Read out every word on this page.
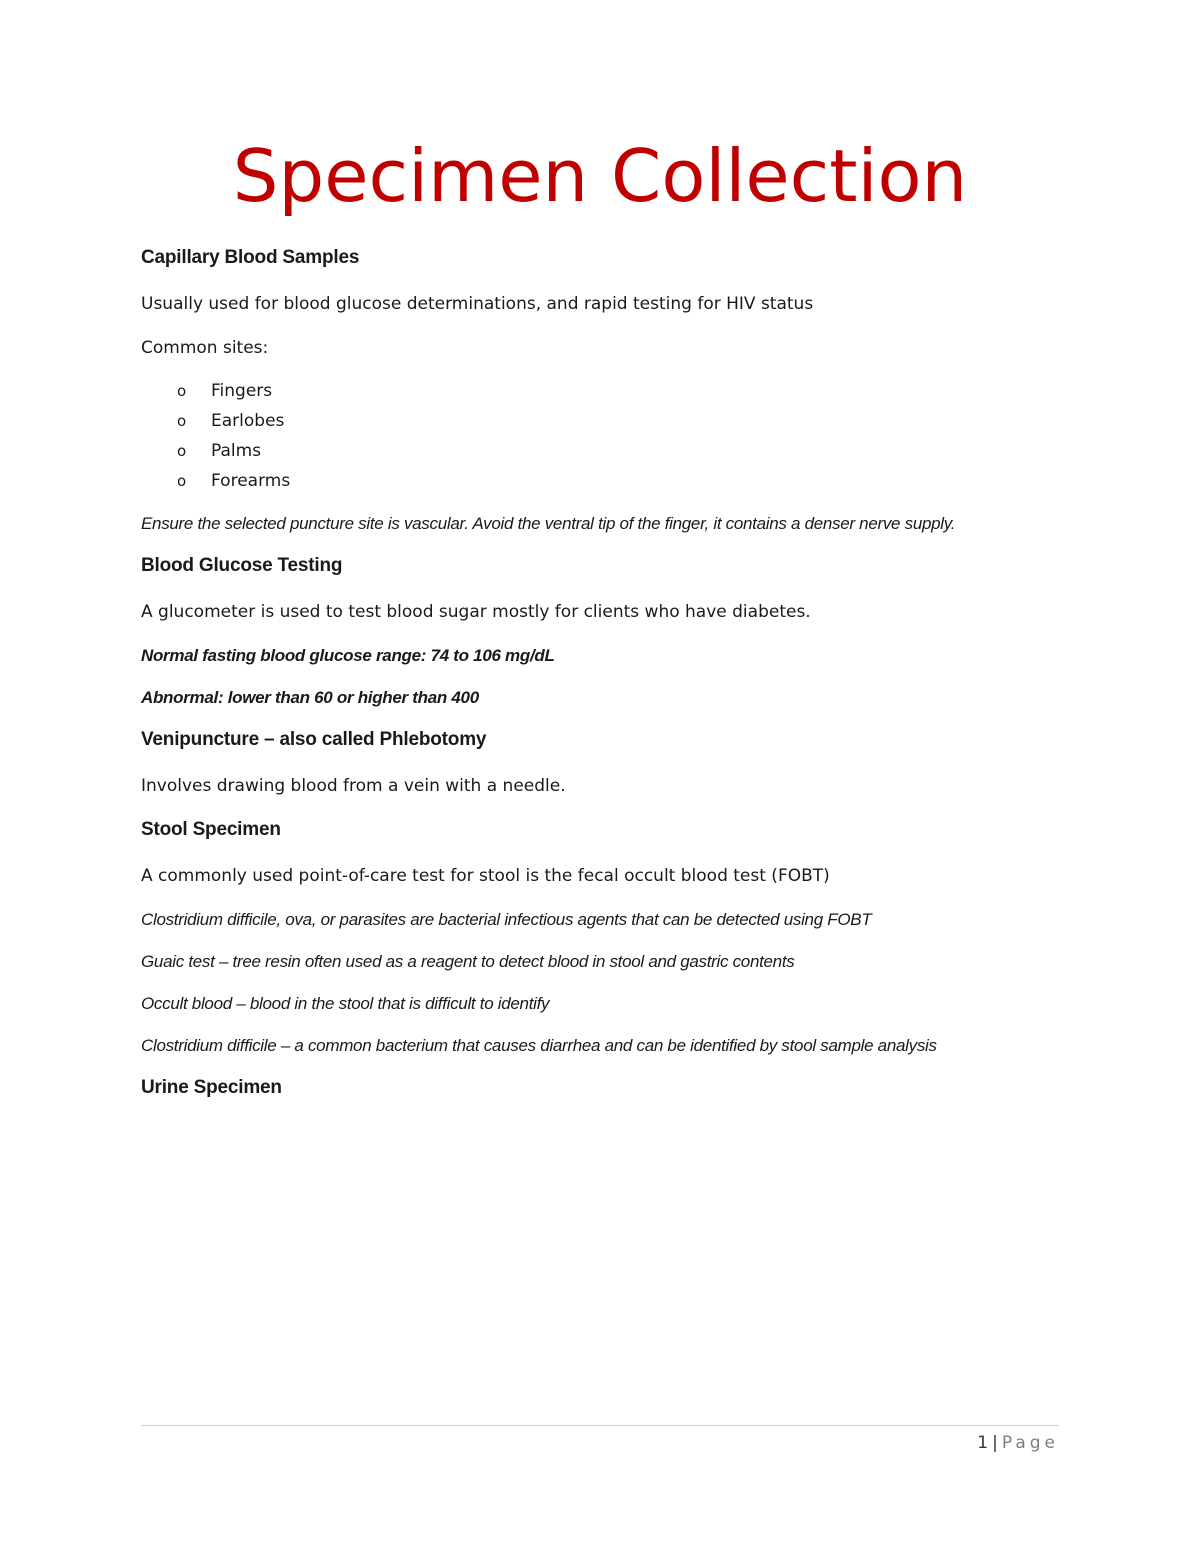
Specimen Collection
Capillary Blood Samples
Usually used for blood glucose determinations, and rapid testing for HIV status
Common sites:
o	Fingers
o	Earlobes
o	Palms
o	Forearms
Ensure the selected puncture site is vascular. Avoid the ventral tip of the finger, it contains a denser nerve supply.
Blood Glucose Testing
A glucometer is used to test blood sugar mostly for clients who have diabetes.
Normal fasting blood glucose range: 74 to 106 mg/dL
Abnormal: lower than 60 or higher than 400
Venipuncture – also called Phlebotomy
Involves drawing blood from a vein with a needle.
Stool Specimen
A commonly used point-of-care test for stool is the fecal occult blood test (FOBT)
Clostridium difficile, ova, or parasites are bacterial infectious agents that can be detected using FOBT
Guaic test – tree resin often used as a reagent to detect blood in stool and gastric contents
Occult blood – blood in the stool that is difficult to identify
Clostridium difficile – a common bacterium that causes diarrhea and can be identified by stool sample analysis
Urine Specimen
1 | Page
